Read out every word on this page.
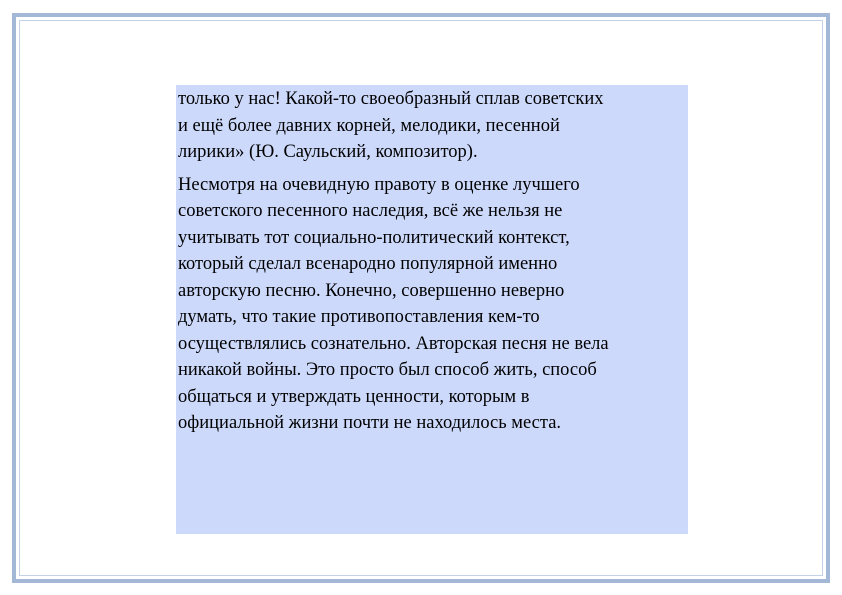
только у нас! Какой-то своеобразный сплав советских
и ещё более давних корней, мелодики, песенной
лирики» (Ю. Саульский, композитор).

Несмотря на очевидную правоту в оценке лучшего
советского песенного наследия, всё же нельзя не
учитывать тот социально-политический контекст,
который сделал всенародно популярной именно
авторскую песню. Конечно, совершенно неверно
думать, что такие противопоставления кем-то
осуществлялись сознательно. Авторская песня не вела
никакой войны. Это просто был способ жить, способ
общаться и утверждать ценности, которым в
официальной жизни почти не находилось места.
